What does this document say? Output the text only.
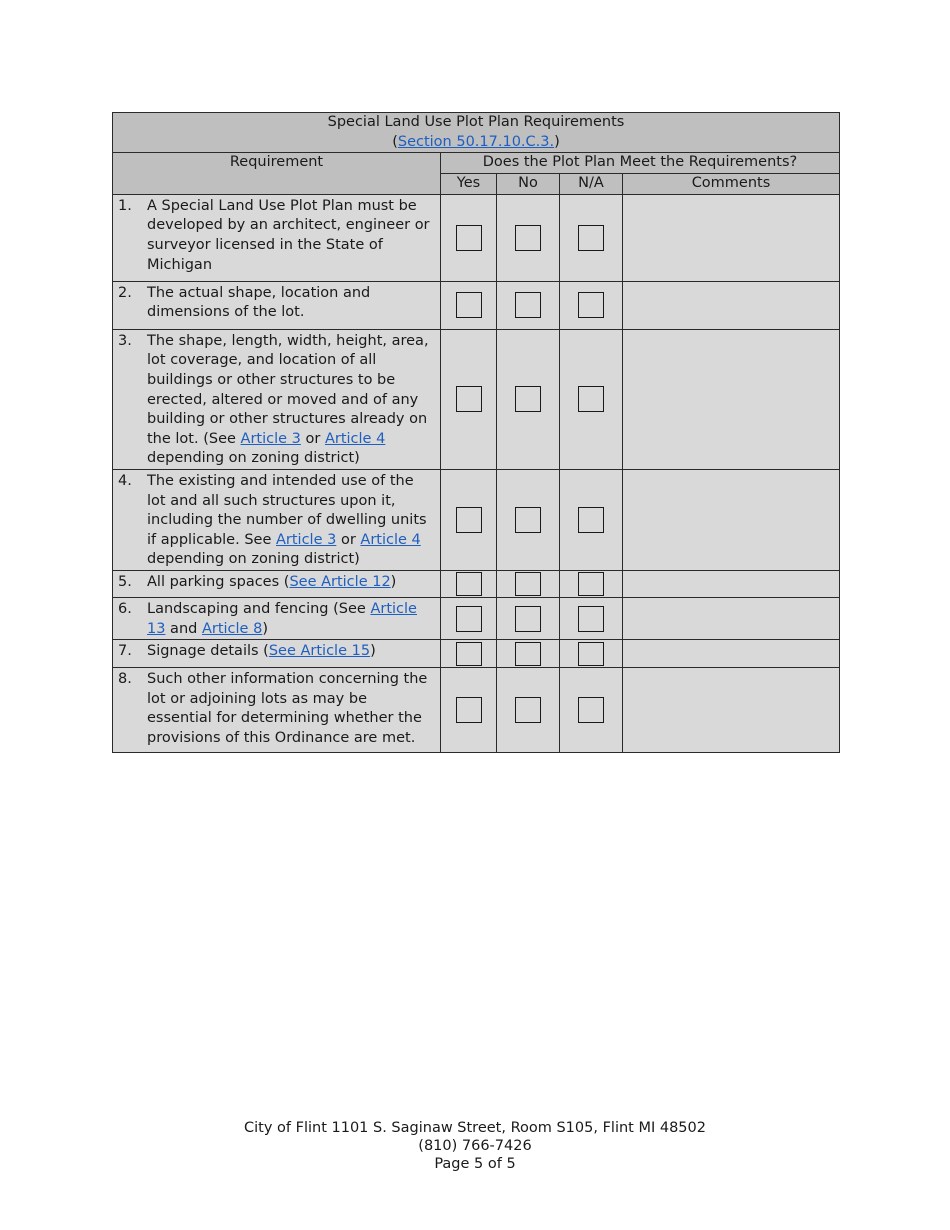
Special Land Use Plot Plan Requirements
(Section 50.17.10.C.3.)				

Requirement	Does the Plot Plan Meet the Requirements?			
	Yes	No	N/A	Comments

1. A Special Land Use Plot Plan must be developed by an architect, engineer or surveyor licensed in the State of Michigan				

2. The actual shape, location and dimensions of the lot.				

3. The shape, length, width, height, area, lot coverage, and location of all buildings or other structures to be erected, altered or moved and of any building or other structures already on the lot. (See Article 3 or Article 4 depending on zoning district)				

4. The existing and intended use of the lot and all such structures upon it, including the number of dwelling units if applicable. See Article 3 or Article 4 depending on zoning district)				

5. All parking spaces (See Article 12)				

6. Landscaping and fencing (See Article 13 and Article 8)				

7. Signage details (See Article 15)				

8. Such other information concerning the lot or adjoining lots as may be essential for determining whether the provisions of this Ordinance are met.				

City of Flint 1101 S. Saginaw Street, Room S105, Flint MI 48502
(810) 766-7426
Page 5 of 5
